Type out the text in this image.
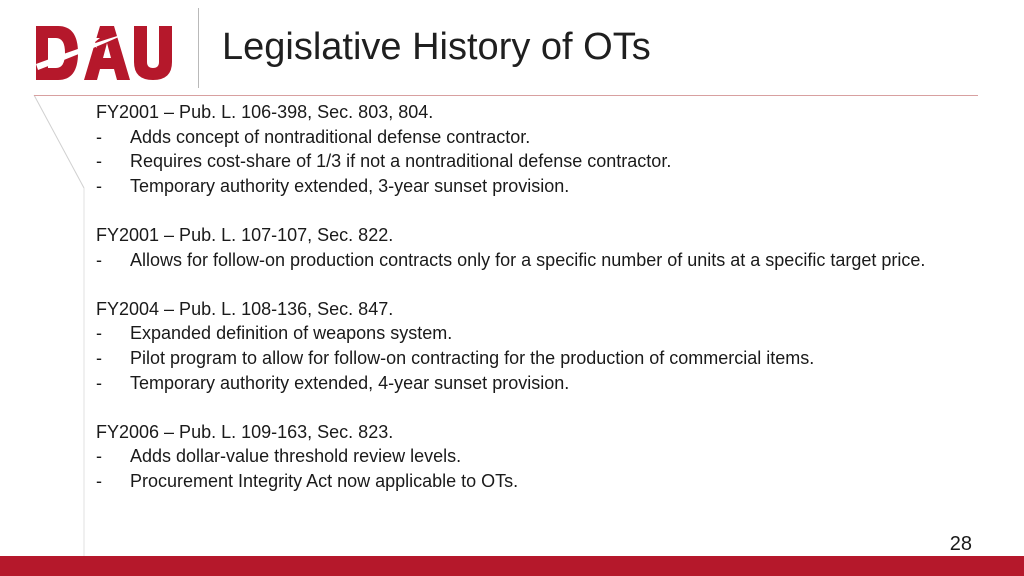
Legislative History of OTs
FY2001 – Pub. L. 106-398, Sec. 803, 804.
-	Adds concept of nontraditional defense contractor.
-	Requires cost-share of 1/3 if not a nontraditional defense contractor.
-	Temporary authority extended, 3-year sunset provision.
FY2001 – Pub. L. 107-107, Sec. 822.
-	Allows for follow-on production contracts only for a specific number of units at a specific target price.
FY2004 – Pub. L. 108-136, Sec. 847.
-	Expanded definition of weapons system.
-	Pilot program to allow for follow-on contracting for the production of commercial items.
-	Temporary authority extended, 4-year sunset provision.
FY2006 – Pub. L. 109-163, Sec. 823.
-	Adds dollar-value threshold review levels.
-	Procurement Integrity Act now applicable to OTs.
28
